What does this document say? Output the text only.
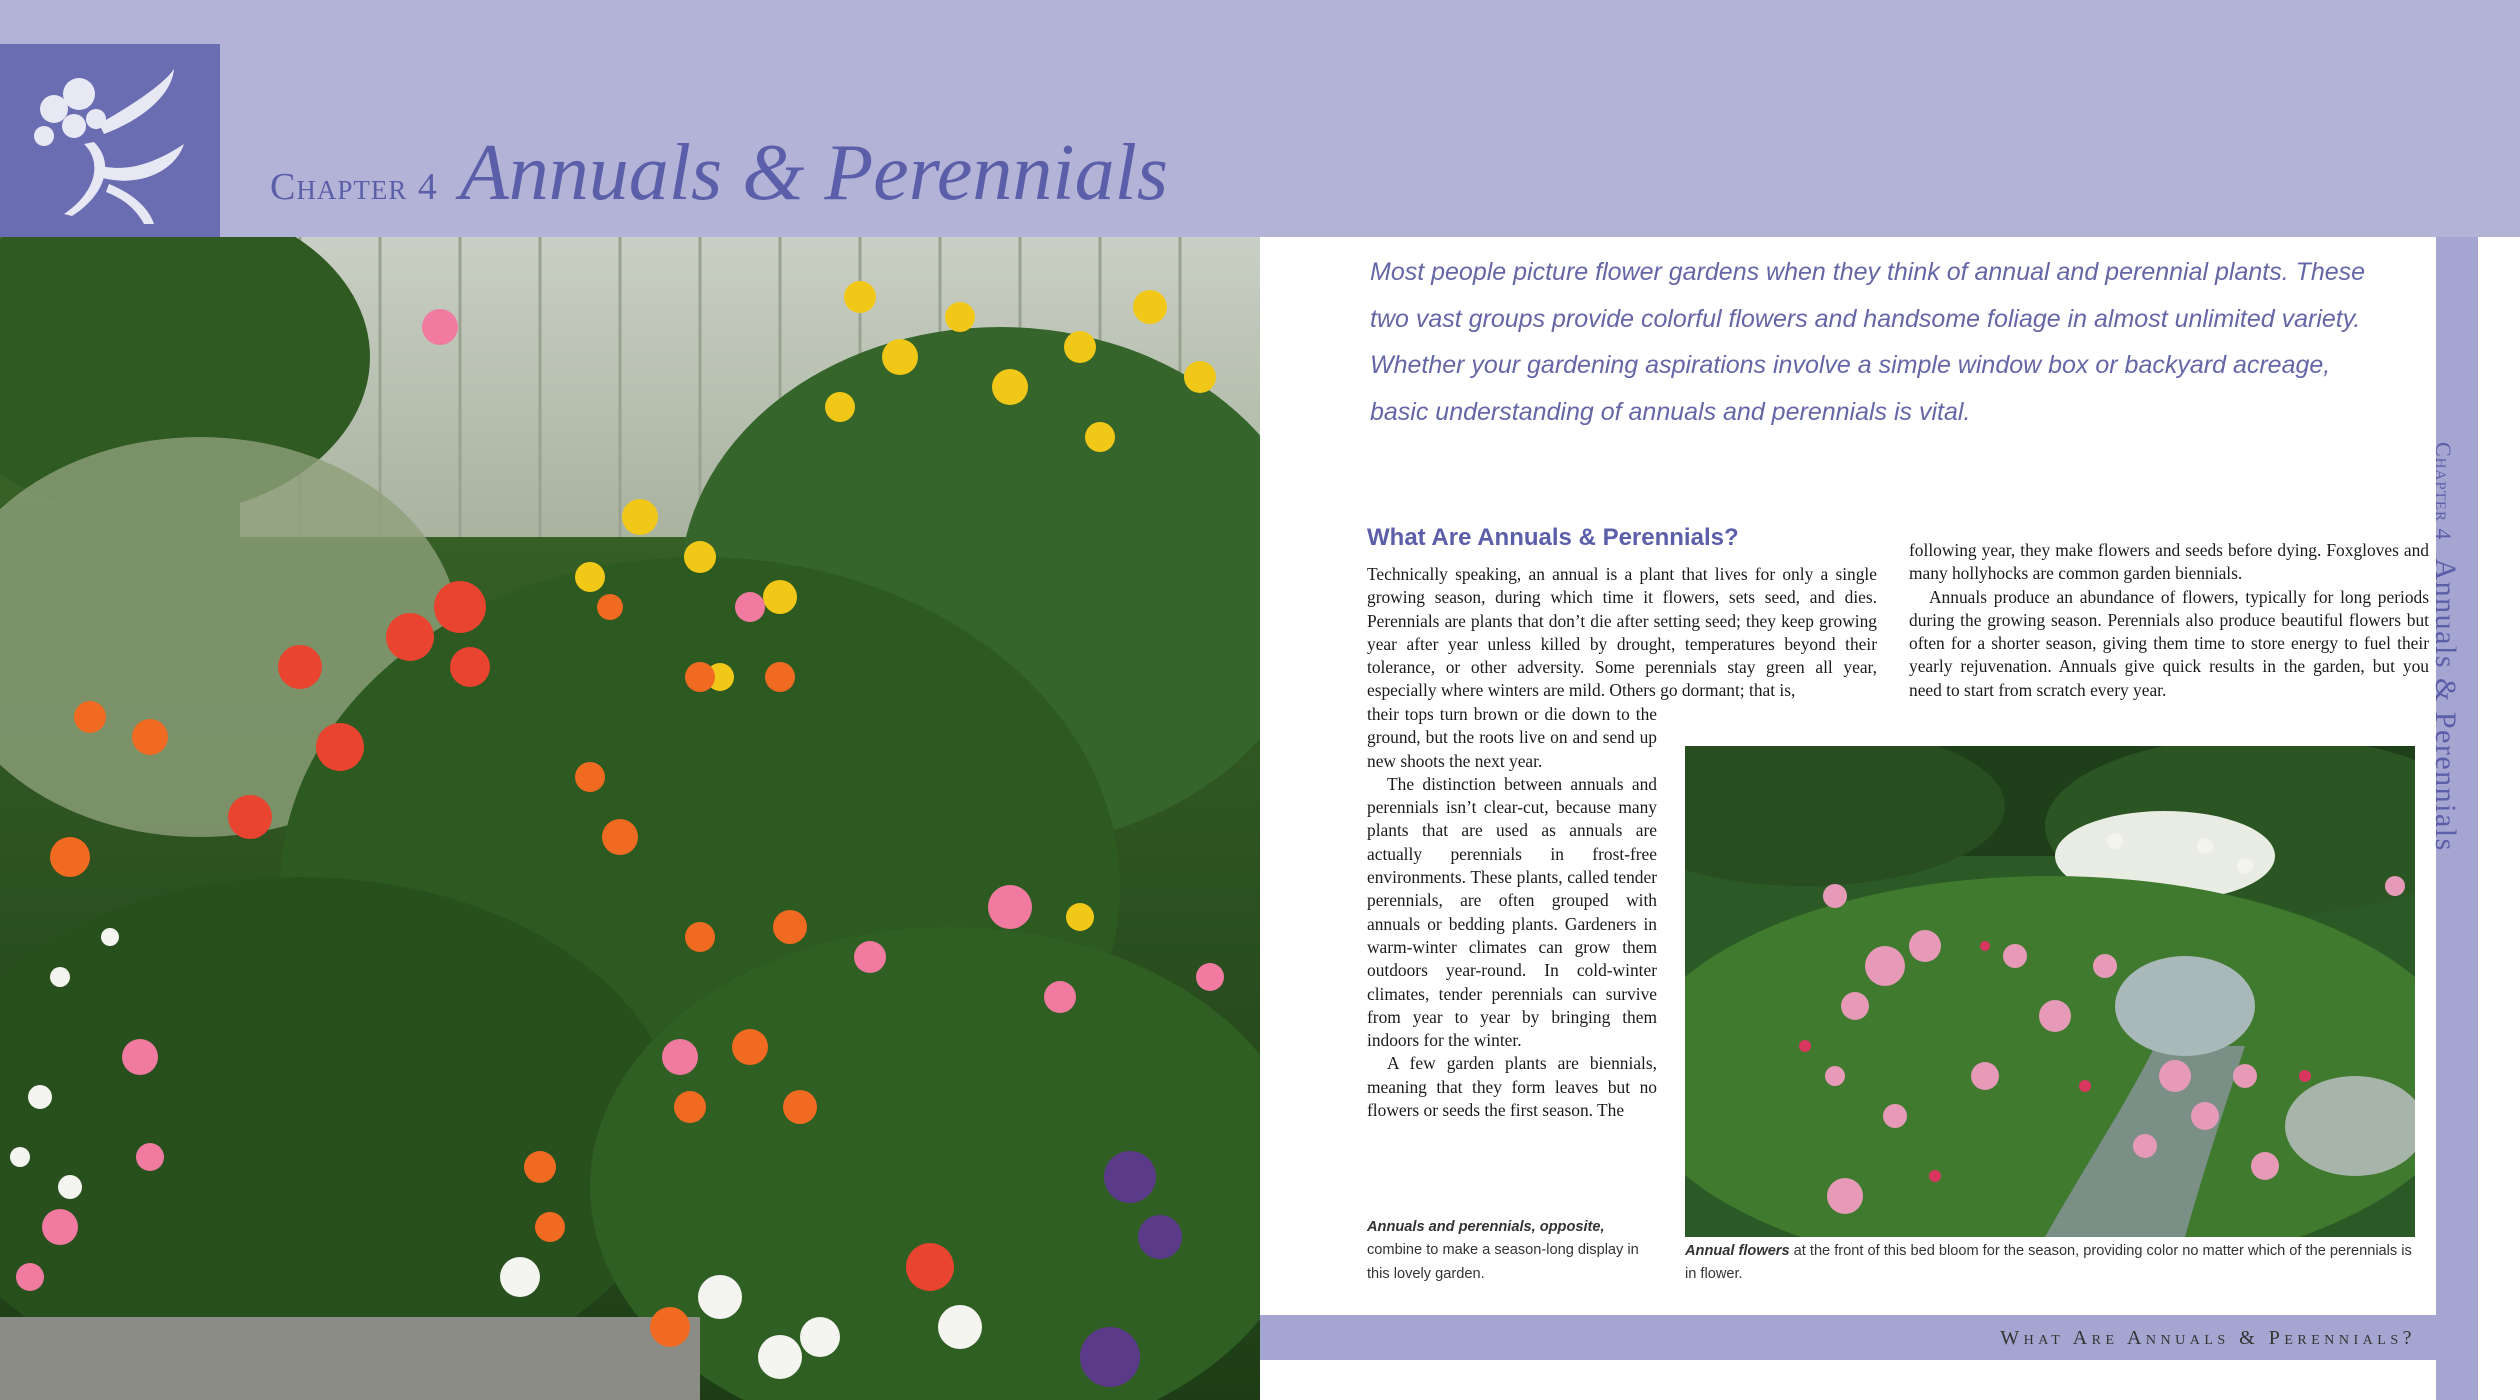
Chapter 4 Annuals & Perennials
Most people picture flower gardens when they think of annual and perennial plants. These two vast groups provide colorful flowers and handsome foliage in almost unlimited variety. Whether your gardening aspirations involve a simple window box or backyard acreage, basic understanding of annuals and perennials is vital.
What Are Annuals & Perennials?

Technically speaking, an annual is a plant that lives for only a single growing season, during which time it flowers, sets seed, and dies. Perennials are plants that don’t die after setting seed; they keep growing year after year unless killed by drought, temperatures beyond their tolerance, or other adversity. Some perennials stay green all year, especially where winters are mild. Others go dormant; that is,

their tops turn brown or die down to the ground, but the roots live on and send up new shoots the next year.

The distinction between annuals and perennials isn’t clear-cut, because many plants that are used as annuals are actually perennials in frost-free environments. These plants, called tender perennials, are often grouped with annuals or bedding plants. Gardeners in warm-winter climates can grow them outdoors year-round. In cold-winter climates, tender perennials can survive from year to year by bringing them indoors for the winter.

A few garden plants are biennials, meaning that they form leaves but no flowers or seeds the first season. The

following year, they make flowers and seeds before dying. Foxgloves and many hollyhocks are common garden biennials.

Annuals produce an abundance of flowers, typically for long periods during the growing season. Perennials also produce beautiful flowers but often for a shorter season, giving them time to store energy to fuel their yearly rejuvenation. Annuals give quick results in the garden, but you need to start from scratch every year.

Annuals and perennials, opposite, combine to make a season-long display in this lovely garden.
Annual flowers at the front of this bed bloom for the season, providing color no matter which of the perennials is in flower.
What Are Annuals & Perennials?
Chapter 4
Annuals & Perennials
